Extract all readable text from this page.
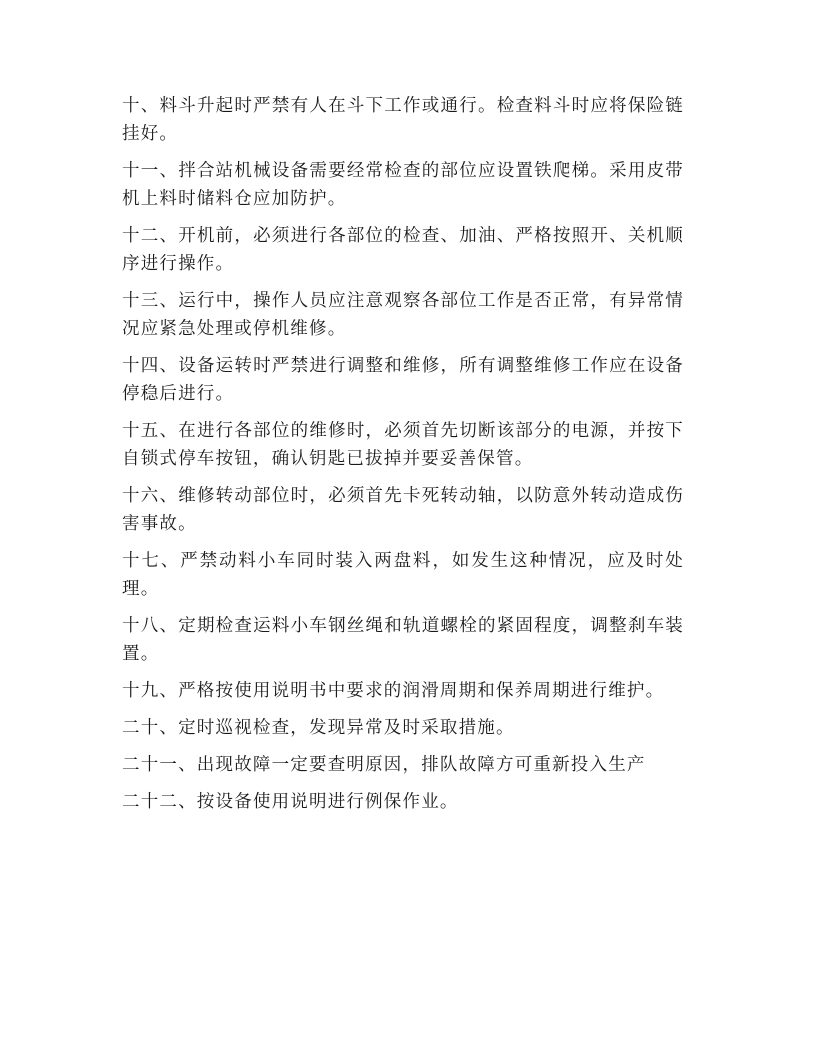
十、料斗升起时严禁有人在斗下工作或通行。检查料斗时应将保险链挂好。

十一、拌合站机械设备需要经常检查的部位应设置铁爬梯。采用皮带机上料时储料仓应加防护。

十二、开机前，必须进行各部位的检查、加油、严格按照开、关机顺序进行操作。

十三、运行中，操作人员应注意观察各部位工作是否正常，有异常情况应紧急处理或停机维修。

十四、设备运转时严禁进行调整和维修，所有调整维修工作应在设备停稳后进行。

十五、在进行各部位的维修时，必须首先切断该部分的电源，并按下自锁式停车按钮，确认钥匙已拔掉并要妥善保管。

十六、维修转动部位时，必须首先卡死转动轴，以防意外转动造成伤害事故。

十七、严禁动料小车同时装入两盘料，如发生这种情况，应及时处理。

十八、定期检查运料小车钢丝绳和轨道螺栓的紧固程度，调整刹车装置。

十九、严格按使用说明书中要求的润滑周期和保养周期进行维护。

二十、定时巡视检查，发现异常及时采取措施。

二十一、出现故障一定要查明原因，排队故障方可重新投入生产

二十二、按设备使用说明进行例保作业。
